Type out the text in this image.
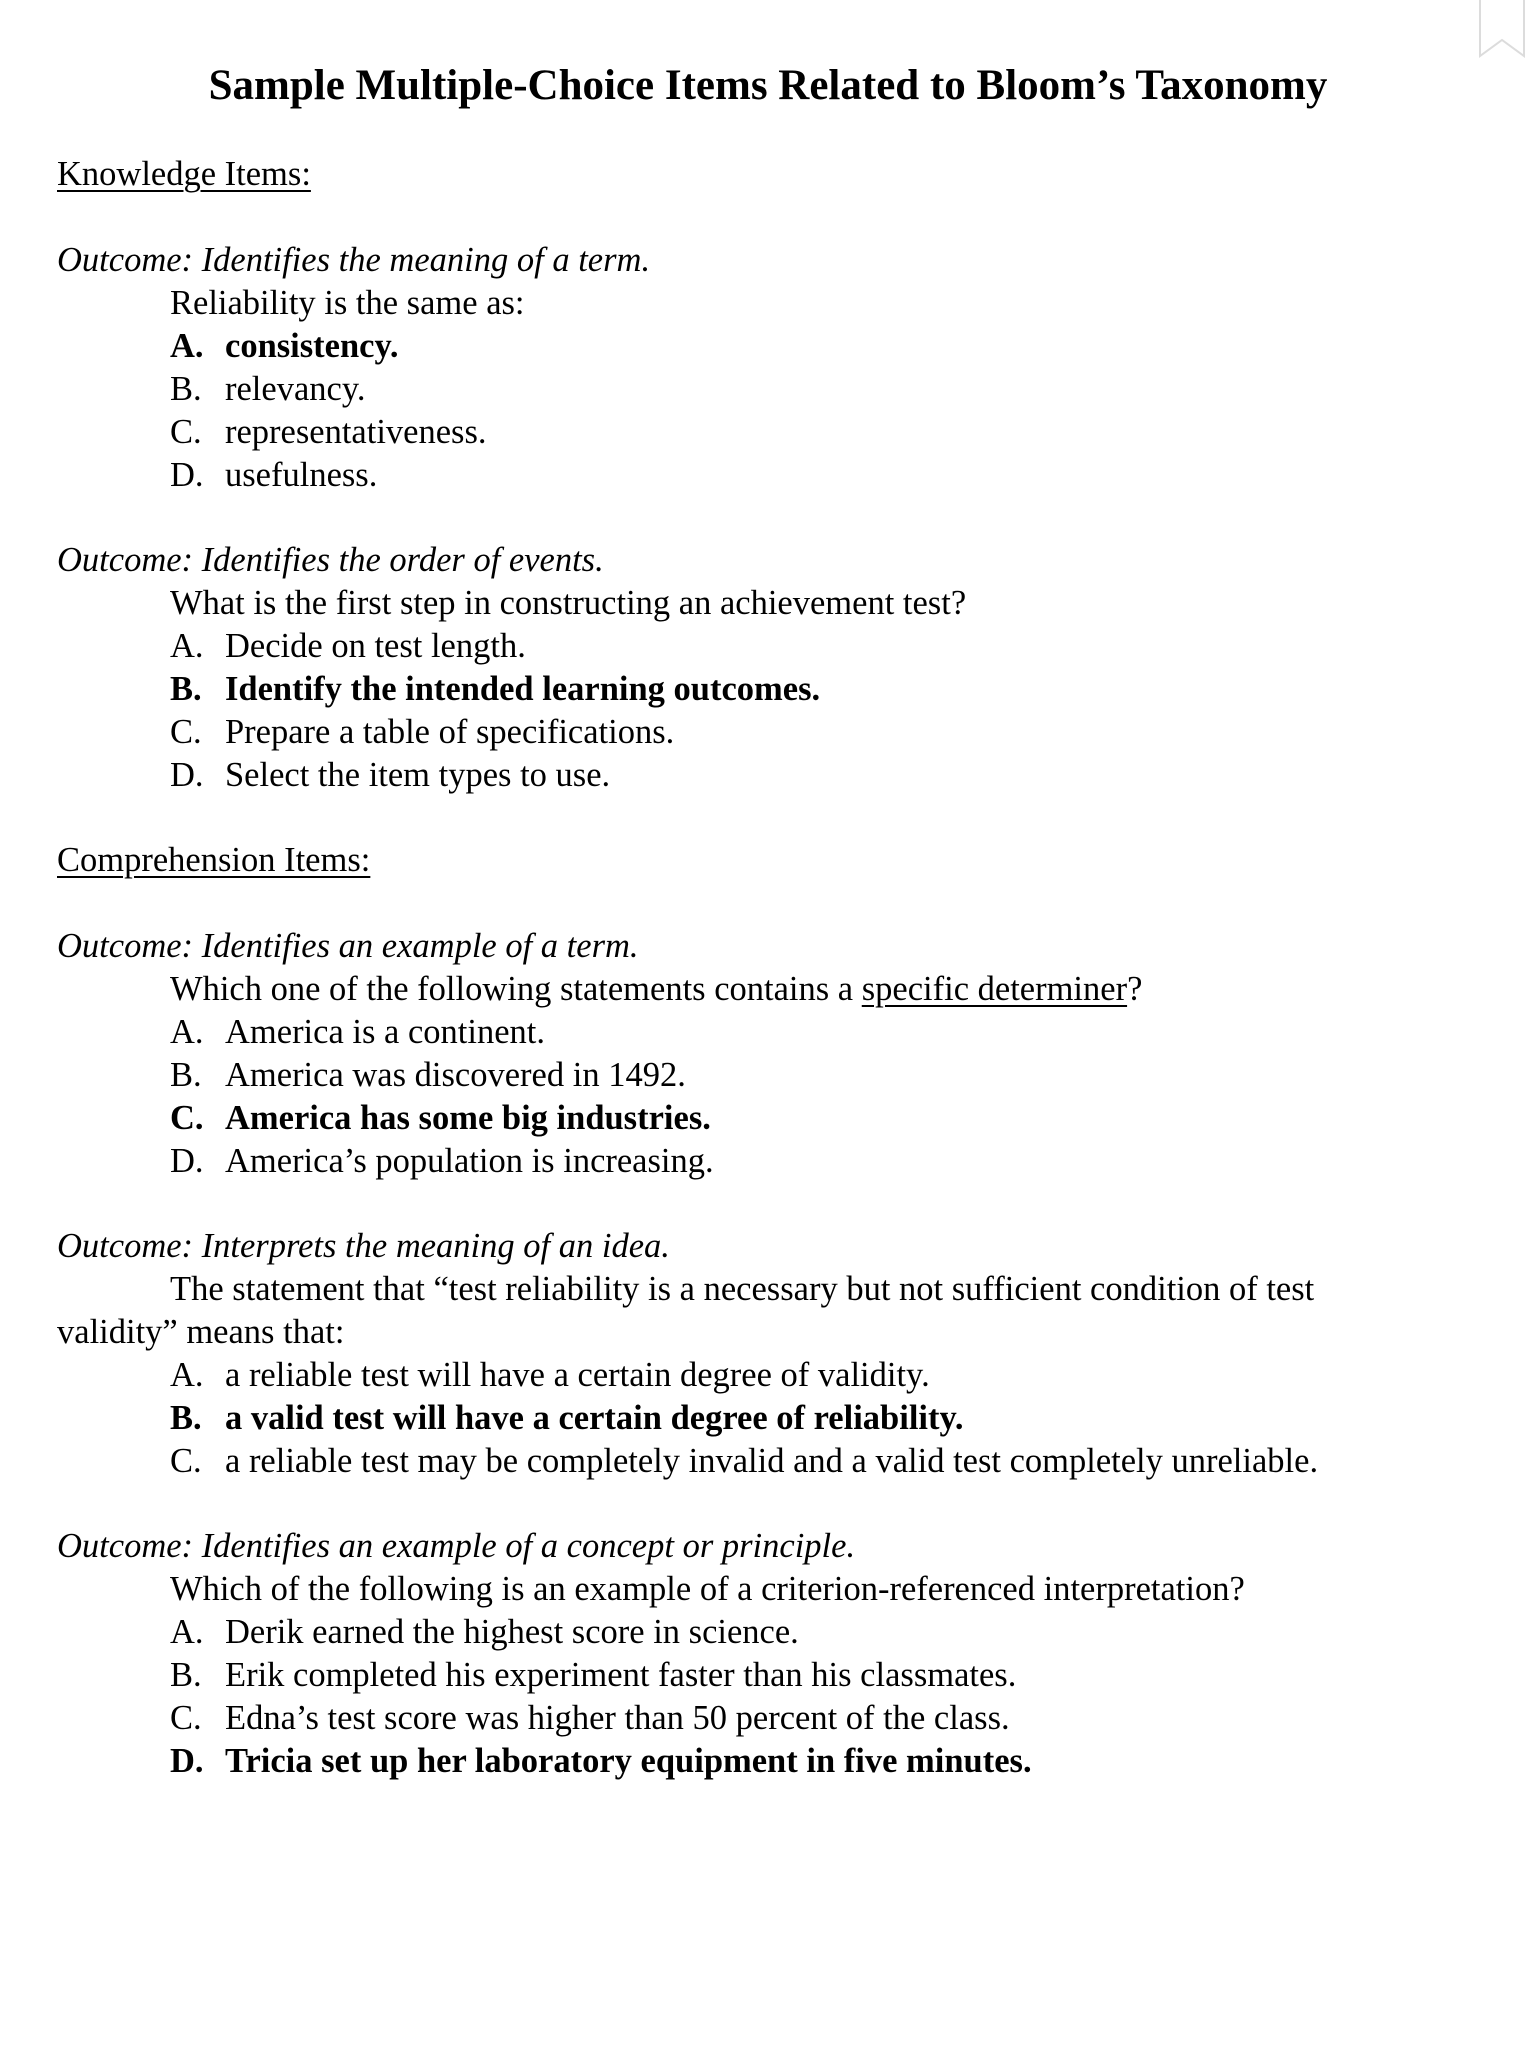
Sample Multiple-Choice Items Related to Bloom’s Taxonomy
Knowledge Items:
Outcome: Identifies the meaning of a term.
Reliability is the same as:
A. consistency.
B. relevancy.
C. representativeness.
D. usefulness.
Outcome: Identifies the order of events.
What is the first step in constructing an achievement test?
A. Decide on test length.
B. Identify the intended learning outcomes.
C. Prepare a table of specifications.
D. Select the item types to use.
Comprehension Items:
Outcome: Identifies an example of a term.
Which one of the following statements contains a specific determiner?
A. America is a continent.
B. America was discovered in 1492.
C. America has some big industries.
D. America’s population is increasing.
Outcome: Interprets the meaning of an idea.
The statement that “test reliability is a necessary but not sufficient condition of test
validity” means that:
A. a reliable test will have a certain degree of validity.
B. a valid test will have a certain degree of reliability.
C. a reliable test may be completely invalid and a valid test completely unreliable.
Outcome: Identifies an example of a concept or principle.
Which of the following is an example of a criterion-referenced interpretation?
A. Derik earned the highest score in science.
B. Erik completed his experiment faster than his classmates.
C. Edna’s test score was higher than 50 percent of the class.
D. Tricia set up her laboratory equipment in five minutes.
